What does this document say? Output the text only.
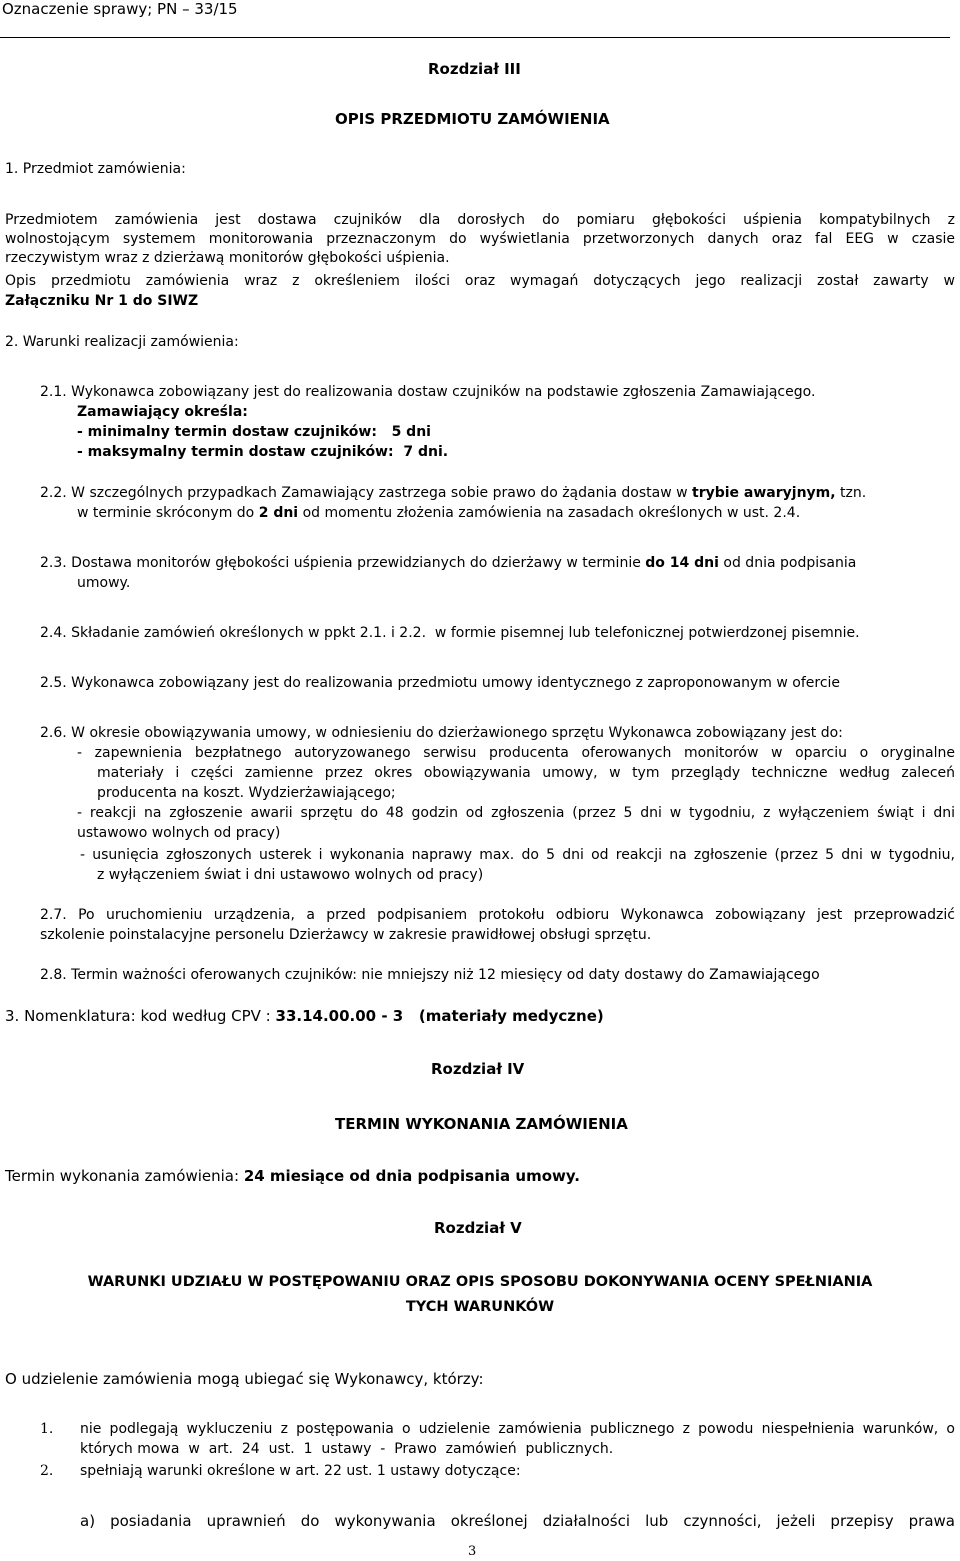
Oznaczenie sprawy; PN – 33/15
Rozdział III
OPIS PRZEDMIOTU ZAMÓWIENIA
1. Przedmiot zamówienia:
Przedmiotem zamówienia jest dostawa czujników dla dorosłych do pomiaru głębokości uśpienia kompatybilnych z
wolnostojącym systemem monitorowania przeznaczonym do wyświetlania przetworzonych danych oraz fal EEG w czasie
rzeczywistym wraz z dzierżawą monitorów głębokości uśpienia.
Opis przedmiotu zamówienia wraz z określeniem ilości oraz wymagań dotyczących jego realizacji został zawarty w
Załączniku Nr 1 do SIWZ
2. Warunki realizacji zamówienia:
2.1. Wykonawca zobowiązany jest do realizowania dostaw czujników na podstawie zgłoszenia Zamawiającego.
Zamawiający określa:
- minimalny termin dostaw czujników:   5 dni
- maksymalny termin dostaw czujników:  7 dni.
2.2. W szczególnych przypadkach Zamawiający zastrzega sobie prawo do żądania dostaw w trybie awaryjnym, tzn.
w terminie skróconym do 2 dni od momentu złożenia zamówienia na zasadach określonych w ust. 2.4.
2.3. Dostawa monitorów głębokości uśpienia przewidzianych do dzierżawy w terminie do 14 dni od dnia podpisania
umowy.
2.4. Składanie zamówień określonych w ppkt 2.1. i 2.2.  w formie pisemnej lub telefonicznej potwierdzonej pisemnie.
2.5. Wykonawca zobowiązany jest do realizowania przedmiotu umowy identycznego z zaproponowanym w ofercie
2.6. W okresie obowiązywania umowy, w odniesieniu do dzierżawionego sprzętu Wykonawca zobowiązany jest do:
- zapewnienia bezpłatnego autoryzowanego serwisu producenta oferowanych monitorów w oparciu o oryginalne
materiały i części zamienne przez okres obowiązywania umowy, w tym przeglądy techniczne według zaleceń
producenta na koszt. Wydzierżawiającego;
- reakcji na zgłoszenie awarii sprzętu do 48 godzin od zgłoszenia (przez 5 dni w tygodniu, z wyłączeniem świąt i dni
ustawowo wolnych od pracy)
- usunięcia zgłoszonych usterek i wykonania naprawy max. do 5 dni od reakcji na zgłoszenie (przez 5 dni w tygodniu,
z wyłączeniem świat i dni ustawowo wolnych od pracy)
2.7. Po uruchomieniu urządzenia, a przed podpisaniem protokołu odbioru Wykonawca zobowiązany jest przeprowadzić
szkolenie poinstalacyjne personelu Dzierżawcy w zakresie prawidłowej obsługi sprzętu.
2.8. Termin ważności oferowanych czujników: nie mniejszy niż 12 miesięcy od daty dostawy do Zamawiającego
3. Nomenklatura: kod według CPV : 33.14.00.00 - 3   (materiały medyczne)
Rozdział IV
TERMIN WYKONANIA ZAMÓWIENIA
Termin wykonania zamówienia: 24 miesiące od dnia podpisania umowy.
Rozdział V
WARUNKI UDZIAŁU W POSTĘPOWANIU ORAZ OPIS SPOSOBU DOKONYWANIA OCENY SPEŁNIANIA
TYCH WARUNKÓW
O udzielenie zamówienia mogą ubiegać się Wykonawcy, którzy:
1. nie podlegają wykluczeniu z postępowania o udzielenie zamówienia publicznego z powodu niespełnienia warunków, o
których mowa  w  art.  24  ust.  1  ustawy  -  Prawo  zamówień  publicznych.
2. spełniają warunki określone w art. 22 ust. 1 ustawy dotyczące:
a) posiadania uprawnień do wykonywania określonej działalności lub czynności, jeżeli przepisy prawa
3
